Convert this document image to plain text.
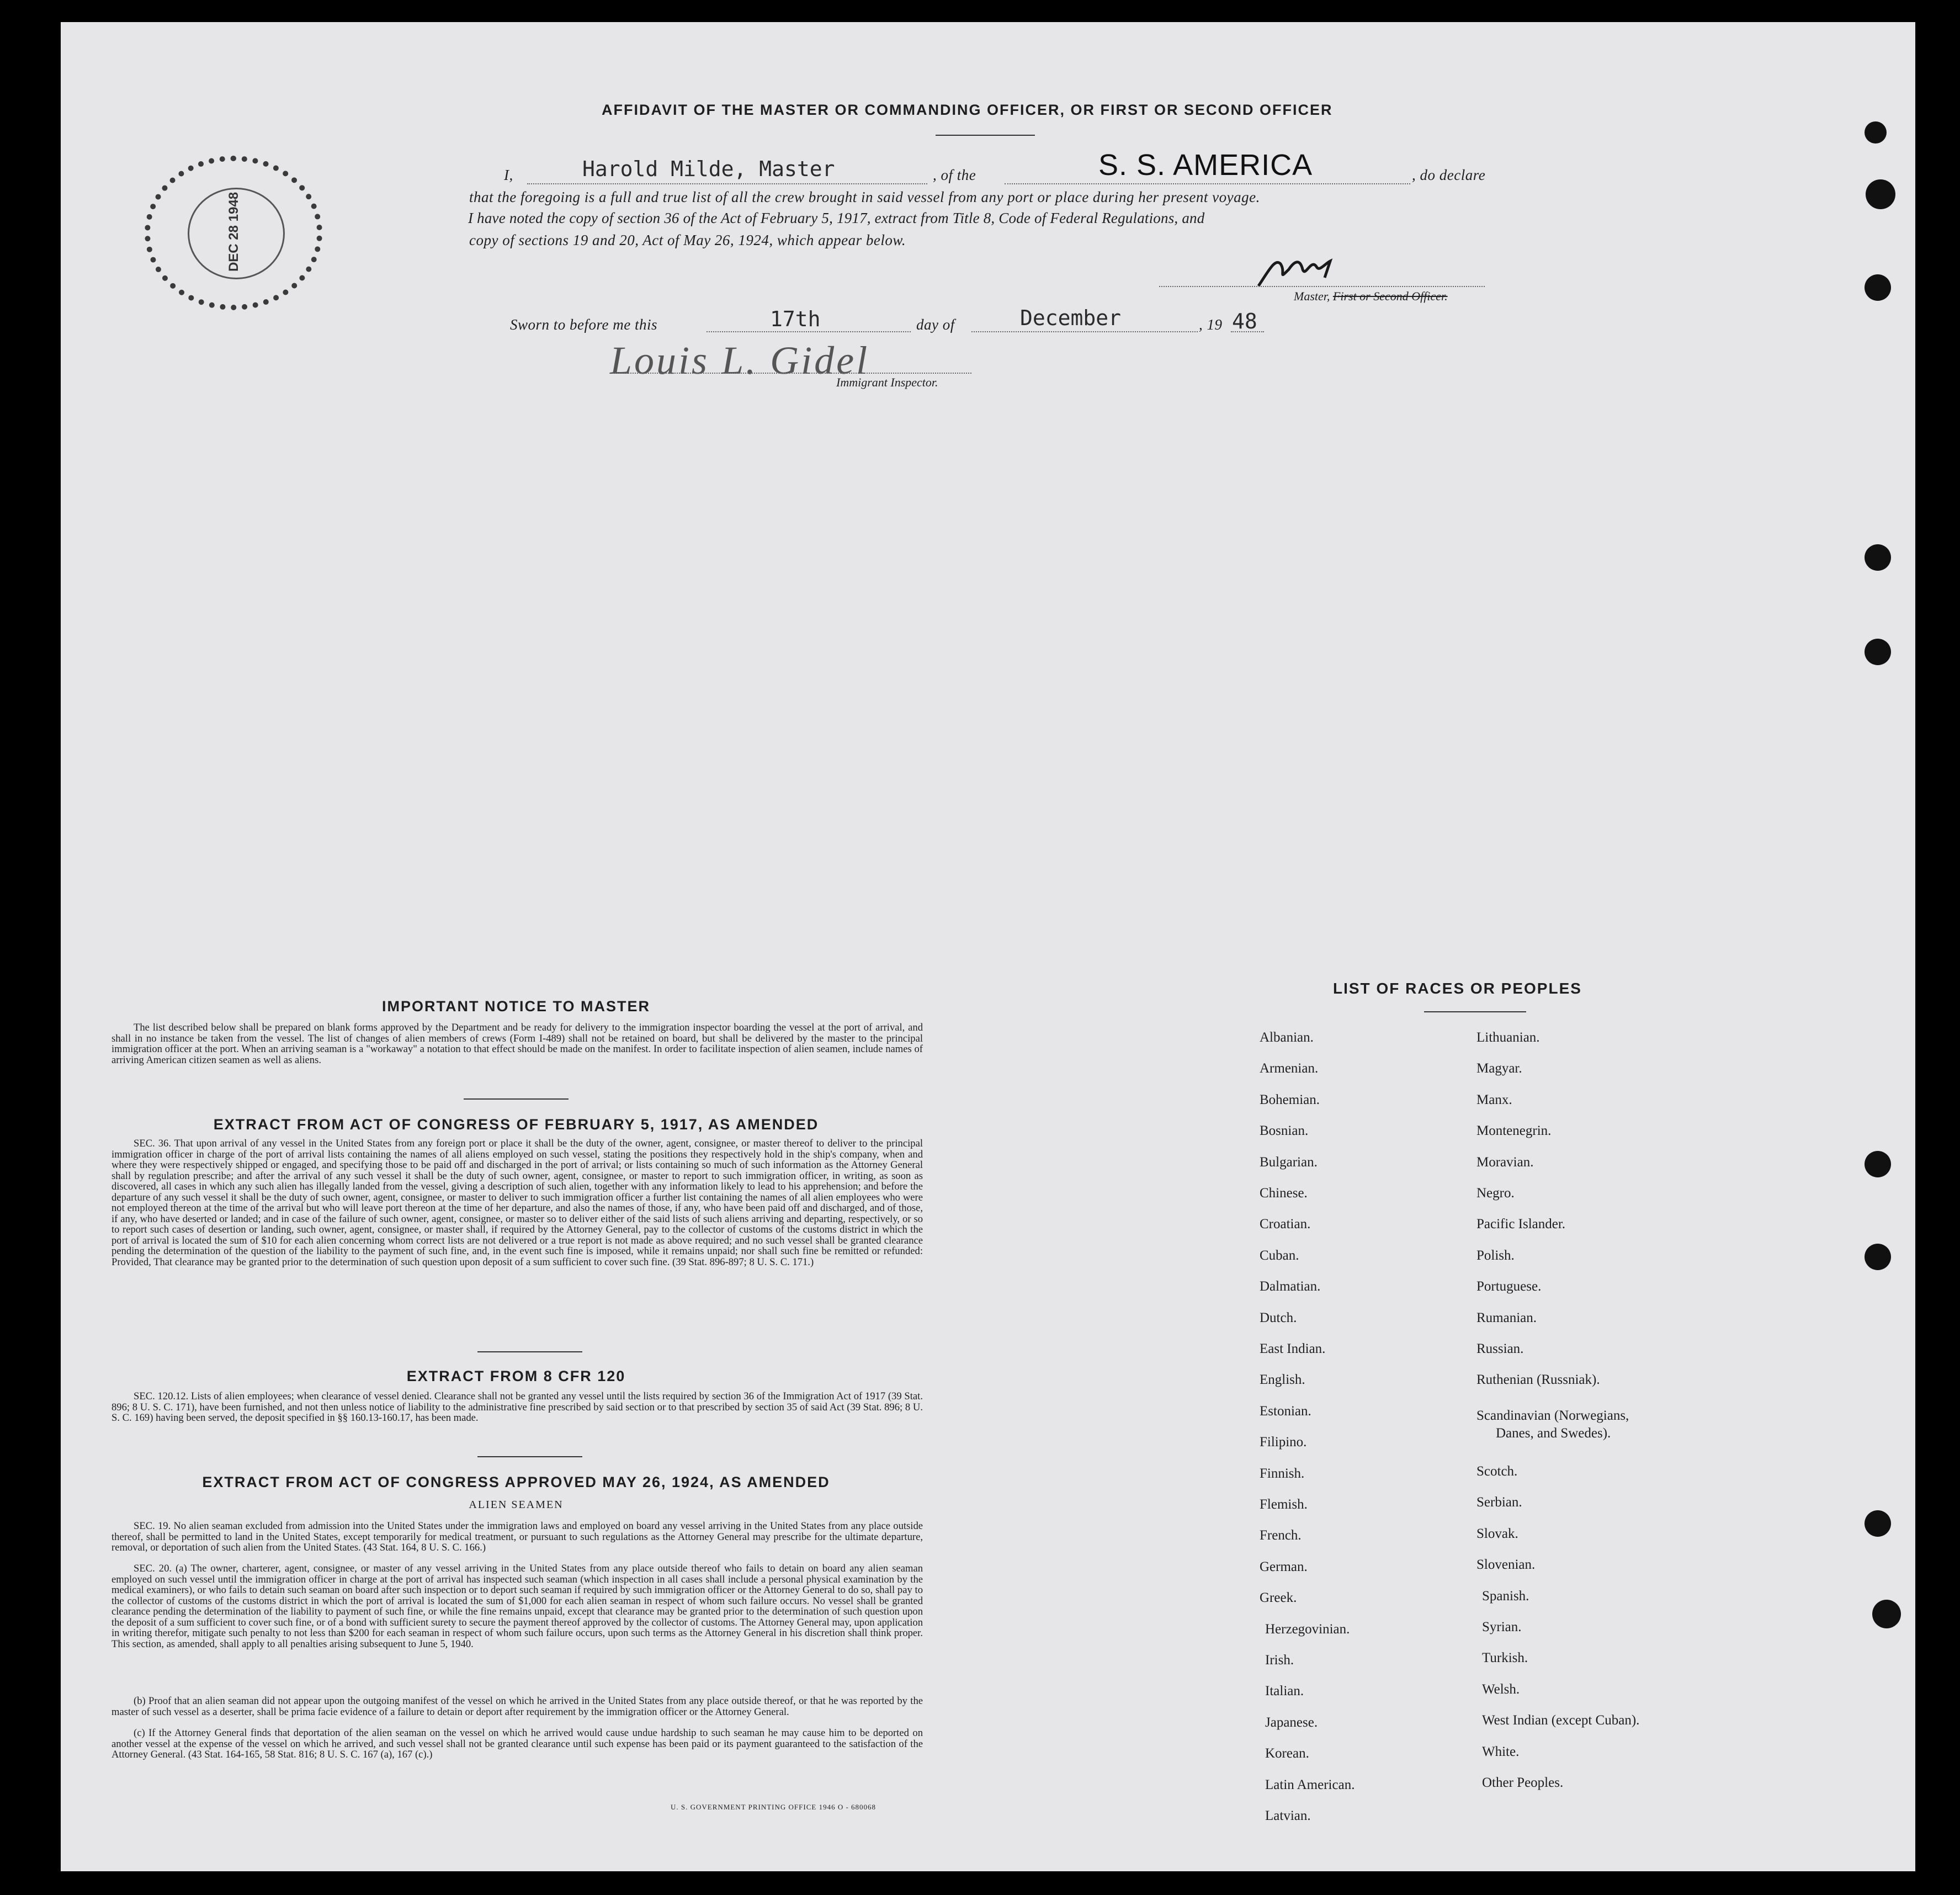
DEC 28 1948
AFFIDAVIT OF THE MASTER OR COMMANDING OFFICER, OR FIRST OR SECOND OFFICER
I,	Harold Milde, Master	, of the	S. S. AMERICA	, do declare
that the foregoing is a full and true list of all the crew brought in said vessel from any port or place during her present voyage.
I have noted the copy of section 36 of the Act of February 5, 1917, extract from Title 8, Code of Federal Regulations, and
copy of sections 19 and 20, Act of May 26, 1924, which appear below.
Master, First or Second Officer.
Sworn to before me this	17th	day of	December	, 19 48
Louis L. Gidel
Immigrant Inspector.
IMPORTANT NOTICE TO MASTER
The list described below shall be prepared on blank forms approved by the Department and be ready for delivery to the immigration inspector boarding the vessel at the port of arrival, and shall in no instance be taken from the vessel. The list of changes of alien members of crews (Form I-489) shall not be retained on board, but shall be delivered by the master to the principal immigration officer at the port. When an arriving seaman is a "workaway" a notation to that effect should be made on the manifest. In order to facilitate inspection of alien seamen, include names of arriving American citizen seamen as well as aliens.
EXTRACT FROM ACT OF CONGRESS OF FEBRUARY 5, 1917, AS AMENDED
SEC. 36. That upon arrival of any vessel in the United States from any foreign port or place it shall be the duty of the owner, agent, consignee, or master thereof to deliver to the principal immigration officer in charge of the port of arrival lists containing the names of all aliens employed on such vessel, stating the positions they respectively hold in the ship's company, when and where they were respectively shipped or engaged, and specifying those to be paid off and discharged in the port of arrival; or lists containing so much of such information as the Attorney General shall by regulation prescribe; and after the arrival of any such vessel it shall be the duty of such owner, agent, consignee, or master to report to such immigration officer, in writing, as soon as discovered, all cases in which any such alien has illegally landed from the vessel, giving a description of such alien, together with any information likely to lead to his apprehension; and before the departure of any such vessel it shall be the duty of such owner, agent, consignee, or master to deliver to such immigration officer a further list containing the names of all alien employees who were not employed thereon at the time of the arrival but who will leave port thereon at the time of her departure, and also the names of those, if any, who have been paid off and discharged, and of those, if any, who have deserted or landed; and in case of the failure of such owner, agent, consignee, or master so to deliver either of the said lists of such aliens arriving and departing, respectively, or so to report such cases of desertion or landing, such owner, agent, consignee, or master shall, if required by the Attorney General, pay to the collector of customs of the customs district in which the port of arrival is located the sum of $10 for each alien concerning whom correct lists are not delivered or a true report is not made as above required; and no such vessel shall be granted clearance pending the determination of the question of the liability to the payment of such fine, and, in the event such fine is imposed, while it remains unpaid; nor shall such fine be remitted or refunded: Provided, That clearance may be granted prior to the determination of such question upon deposit of a sum sufficient to cover such fine. (39 Stat. 896-897; 8 U. S. C. 171.)
EXTRACT FROM 8 CFR 120
SEC. 120.12. Lists of alien employees; when clearance of vessel denied. Clearance shall not be granted any vessel until the lists required by section 36 of the Immigration Act of 1917 (39 Stat. 896; 8 U. S. C. 171), have been furnished, and not then unless notice of liability to the administrative fine prescribed by said section or to that prescribed by section 35 of said Act (39 Stat. 896; 8 U. S. C. 169) having been served, the deposit specified in §§ 160.13-160.17, has been made.
EXTRACT FROM ACT OF CONGRESS APPROVED MAY 26, 1924, AS AMENDED
ALIEN SEAMEN
SEC. 19. No alien seaman excluded from admission into the United States under the immigration laws and employed on board any vessel arriving in the United States from any place outside thereof, shall be permitted to land in the United States, except temporarily for medical treatment, or pursuant to such regulations as the Attorney General may prescribe for the ultimate departure, removal, or deportation of such alien from the United States. (43 Stat. 164, 8 U. S. C. 166.)
SEC. 20. (a) The owner, charterer, agent, consignee, or master of any vessel arriving in the United States from any place outside thereof who fails to detain on board any alien seaman employed on such vessel until the immigration officer in charge at the port of arrival has inspected such seaman (which inspection in all cases shall include a personal physical examination by the medical examiners), or who fails to detain such seaman on board after such inspection or to deport such seaman if required by such immigration officer or the Attorney General to do so, shall pay to the collector of customs of the customs district in which the port of arrival is located the sum of $1,000 for each alien seaman in respect of whom such failure occurs. No vessel shall be granted clearance pending the determination of the liability to payment of such fine, or while the fine remains unpaid, except that clearance may be granted prior to the determination of such question upon the deposit of a sum sufficient to cover such fine, or of a bond with sufficient surety to secure the payment thereof approved by the collector of customs. The Attorney General may, upon application in writing therefor, mitigate such penalty to not less than $200 for each seaman in respect of whom such failure occurs, upon such terms as the Attorney General in his discretion shall think proper. This section, as amended, shall apply to all penalties arising subsequent to June 5, 1940.
(b) Proof that an alien seaman did not appear upon the outgoing manifest of the vessel on which he arrived in the United States from any place outside thereof, or that he was reported by the master of such vessel as a deserter, shall be prima facie evidence of a failure to detain or deport after requirement by the immigration officer or the Attorney General.
(c) If the Attorney General finds that deportation of the alien seaman on the vessel on which he arrived would cause undue hardship to such seaman he may cause him to be deported on another vessel at the expense of the vessel on which he arrived, and such vessel shall not be granted clearance until such expense has been paid or its payment guaranteed to the satisfaction of the Attorney General. (43 Stat. 164-165, 58 Stat. 816; 8 U. S. C. 167 (a), 167 (c).)
U. S. GOVERNMENT PRINTING OFFICE 1946 O - 680068
LIST OF RACES OR PEOPLES
Albanian.
Armenian.
Bohemian.
Bosnian.
Bulgarian.
Chinese.
Croatian.
Cuban.
Dalmatian.
Dutch.
East Indian.
English.
Estonian.
Filipino.
Finnish.
Flemish.
French.
German.
Greek.
Herzegovinian.
Irish.
Italian.
Japanese.
Korean.
Latin American.
Latvian.
Lithuanian.
Magyar.
Manx.
Montenegrin.
Moravian.
Negro.
Pacific Islander.
Polish.
Portuguese.
Rumanian.
Russian.
Ruthenian (Russniak).
Scandinavian (Norwegians,
Danes, and Swedes).
Scotch.
Serbian.
Slovak.
Slovenian.
Spanish.
Syrian.
Turkish.
Welsh.
West Indian (except Cuban).
White.
Other Peoples.
